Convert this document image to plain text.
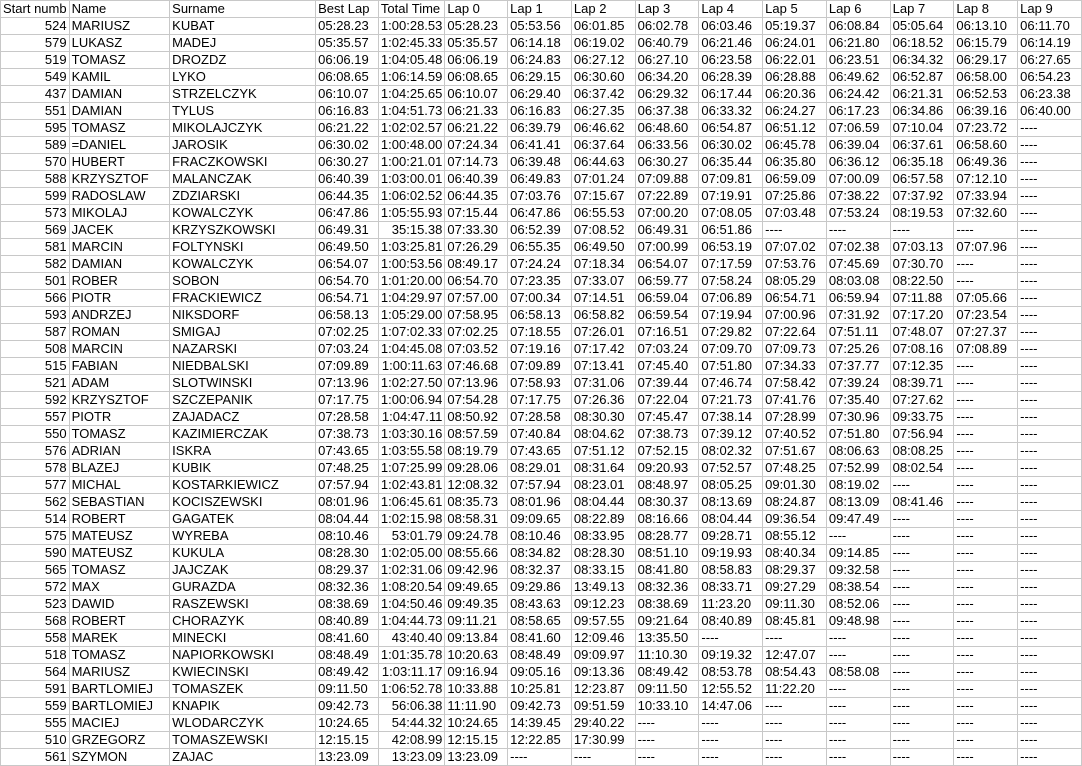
Start numb	Name	Surname	Best Lap	Total Time	Lap 0	Lap 1	Lap 2	Lap 3	Lap 4	Lap 5	Lap 6	Lap 7	Lap 8	Lap 9
524	MARIUSZ	KUBAT	05:28.23	1:00:28.53	05:28.23	05:53.56	06:01.85	06:02.78	06:03.46	05:19.37	06:08.84	05:05.64	06:13.10	06:11.70
579	LUKASZ	MADEJ	05:35.57	1:02:45.33	05:35.57	06:14.18	06:19.02	06:40.79	06:21.46	06:24.01	06:21.80	06:18.52	06:15.79	06:14.19
519	TOMASZ	DROZDZ	06:06.19	1:04:05.48	06:06.19	06:24.83	06:27.12	06:27.10	06:23.58	06:22.01	06:23.51	06:34.32	06:29.17	06:27.65
549	KAMIL	LYKO	06:08.65	1:06:14.59	06:08.65	06:29.15	06:30.60	06:34.20	06:28.39	06:28.88	06:49.62	06:52.87	06:58.00	06:54.23
437	DAMIAN	STRZELCZYK	06:10.07	1:04:25.65	06:10.07	06:29.40	06:37.42	06:29.32	06:17.44	06:20.36	06:24.42	06:21.31	06:52.53	06:23.38
551	DAMIAN	TYLUS	06:16.83	1:04:51.73	06:21.33	06:16.83	06:27.35	06:37.38	06:33.32	06:24.27	06:17.23	06:34.86	06:39.16	06:40.00
595	TOMASZ	MIKOLAJCZYK	06:21.22	1:02:02.57	06:21.22	06:39.79	06:46.62	06:48.60	06:54.87	06:51.12	07:06.59	07:10.04	07:23.72	----
589	=DANIEL	JAROSIK	06:30.02	1:00:48.00	07:24.34	06:41.41	06:37.64	06:33.56	06:30.02	06:45.78	06:39.04	06:37.61	06:58.60	----
570	HUBERT	FRACZKOWSKI	06:30.27	1:00:21.01	07:14.73	06:39.48	06:44.63	06:30.27	06:35.44	06:35.80	06:36.12	06:35.18	06:49.36	----
588	KRZYSZTOF	MALANCZAK	06:40.39	1:03:00.01	06:40.39	06:49.83	07:01.24	07:09.88	07:09.81	06:59.09	07:00.09	06:57.58	07:12.10	----
599	RADOSLAW	ZDZIARSKI	06:44.35	1:06:02.52	06:44.35	07:03.76	07:15.67	07:22.89	07:19.91	07:25.86	07:38.22	07:37.92	07:33.94	----
573	MIKOLAJ	KOWALCZYK	06:47.86	1:05:55.93	07:15.44	06:47.86	06:55.53	07:00.20	07:08.05	07:03.48	07:53.24	08:19.53	07:32.60	----
569	JACEK	KRZYSZKOWSKI	06:49.31	35:15.38	07:33.30	06:52.39	07:08.52	06:49.31	06:51.86	----	----	----	----	----
581	MARCIN	FOLTYNSKI	06:49.50	1:03:25.81	07:26.29	06:55.35	06:49.50	07:00.99	06:53.19	07:07.02	07:02.38	07:03.13	07:07.96	----
582	DAMIAN	KOWALCZYK	06:54.07	1:00:53.56	08:49.17	07:24.24	07:18.34	06:54.07	07:17.59	07:53.76	07:45.69	07:30.70	----	----
501	ROBER	SOBON	06:54.70	1:01:20.00	06:54.70	07:23.35	07:33.07	06:59.77	07:58.24	08:05.29	08:03.08	08:22.50	----	----
566	PIOTR	FRACKIEWICZ	06:54.71	1:04:29.97	07:57.00	07:00.34	07:14.51	06:59.04	07:06.89	06:54.71	06:59.94	07:11.88	07:05.66	----
593	ANDRZEJ	NIKSDORF	06:58.13	1:05:29.00	07:58.95	06:58.13	06:58.82	06:59.54	07:19.94	07:00.96	07:31.92	07:17.20	07:23.54	----
587	ROMAN	SMIGAJ	07:02.25	1:07:02.33	07:02.25	07:18.55	07:26.01	07:16.51	07:29.82	07:22.64	07:51.11	07:48.07	07:27.37	----
508	MARCIN	NAZARSKI	07:03.24	1:04:45.08	07:03.52	07:19.16	07:17.42	07:03.24	07:09.70	07:09.73	07:25.26	07:08.16	07:08.89	----
515	FABIAN	NIEDBALSKI	07:09.89	1:00:11.63	07:46.68	07:09.89	07:13.41	07:45.40	07:51.80	07:34.33	07:37.77	07:12.35	----	----
521	ADAM	SLOTWINSKI	07:13.96	1:02:27.50	07:13.96	07:58.93	07:31.06	07:39.44	07:46.74	07:58.42	07:39.24	08:39.71	----	----
592	KRZYSZTOF	SZCZEPANIK	07:17.75	1:00:06.94	07:54.28	07:17.75	07:26.36	07:22.04	07:21.73	07:41.76	07:35.40	07:27.62	----	----
557	PIOTR	ZAJADACZ	07:28.58	1:04:47.11	08:50.92	07:28.58	08:30.30	07:45.47	07:38.14	07:28.99	07:30.96	09:33.75	----	----
550	TOMASZ	KAZIMIERCZAK	07:38.73	1:03:30.16	08:57.59	07:40.84	08:04.62	07:38.73	07:39.12	07:40.52	07:51.80	07:56.94	----	----
576	ADRIAN	ISKRA	07:43.65	1:03:55.58	08:19.79	07:43.65	07:51.12	07:52.15	08:02.32	07:51.67	08:06.63	08:08.25	----	----
578	BLAZEJ	KUBIK	07:48.25	1:07:25.99	09:28.06	08:29.01	08:31.64	09:20.93	07:52.57	07:48.25	07:52.99	08:02.54	----	----
577	MICHAL	KOSTARKIEWICZ	07:57.94	1:02:43.81	12:08.32	07:57.94	08:23.01	08:48.97	08:05.25	09:01.30	08:19.02	----	----	----
562	SEBASTIAN	KOCISZEWSKI	08:01.96	1:06:45.61	08:35.73	08:01.96	08:04.44	08:30.37	08:13.69	08:24.87	08:13.09	08:41.46	----	----
514	ROBERT	GAGATEK	08:04.44	1:02:15.98	08:58.31	09:09.65	08:22.89	08:16.66	08:04.44	09:36.54	09:47.49	----	----	----
575	MATEUSZ	WYREBA	08:10.46	53:01.79	09:24.78	08:10.46	08:33.95	08:28.77	09:28.71	08:55.12	----	----	----	----
590	MATEUSZ	KUKULA	08:28.30	1:02:05.00	08:55.66	08:34.82	08:28.30	08:51.10	09:19.93	08:40.34	09:14.85	----	----	----
565	TOMASZ	JAJCZAK	08:29.37	1:02:31.06	09:42.96	08:32.37	08:33.15	08:41.80	08:58.83	08:29.37	09:32.58	----	----	----
572	MAX	GURAZDA	08:32.36	1:08:20.54	09:49.65	09:29.86	13:49.13	08:32.36	08:33.71	09:27.29	08:38.54	----	----	----
523	DAWID	RASZEWSKI	08:38.69	1:04:50.46	09:49.35	08:43.63	09:12.23	08:38.69	11:23.20	09:11.30	08:52.06	----	----	----
568	ROBERT	CHORAZYK	08:40.89	1:04:44.73	09:11.21	08:58.65	09:57.55	09:21.64	08:40.89	08:45.81	09:48.98	----	----	----
558	MAREK	MINECKI	08:41.60	43:40.40	09:13.84	08:41.60	12:09.46	13:35.50	----	----	----	----	----	----
518	TOMASZ	NAPIORKOWSKI	08:48.49	1:01:35.78	10:20.63	08:48.49	09:09.97	11:10.30	09:19.32	12:47.07	----	----	----	----
564	MARIUSZ	KWIECINSKI	08:49.42	1:03:11.17	09:16.94	09:05.16	09:13.36	08:49.42	08:53.78	08:54.43	08:58.08	----	----	----
591	BARTLOMIEJ	TOMASZEK	09:11.50	1:06:52.78	10:33.88	10:25.81	12:23.87	09:11.50	12:55.52	11:22.20	----	----	----	----
559	BARTLOMIEJ	KNAPIK	09:42.73	56:06.38	11:11.90	09:42.73	09:51.59	10:33.10	14:47.06	----	----	----	----	----
555	MACIEJ	WLODARCZYK	10:24.65	54:44.32	10:24.65	14:39.45	29:40.22	----	----	----	----	----	----	----
510	GRZEGORZ	TOMASZEWSKI	12:15.15	42:08.99	12:15.15	12:22.85	17:30.99	----	----	----	----	----	----	----
561	SZYMON	ZAJAC	13:23.09	13:23.09	13:23.09	----	----	----	----	----	----	----	----	----
